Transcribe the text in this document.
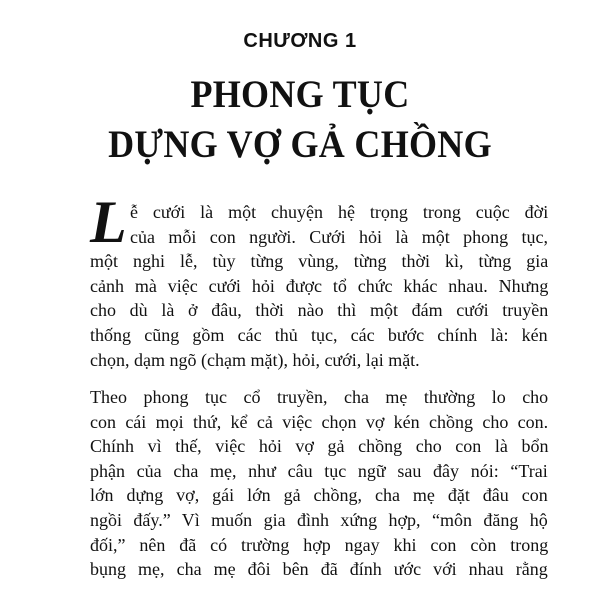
CHƯƠNG 1
PHONG TỤC
DỰNG VỢ GẢ CHỒNG
L ễ cưới là một chuyện hệ trọng trong cuộc đời
của mỗi con người. Cưới hỏi là một phong tục,
một nghi lễ, tùy từng vùng, từng thời kì, từng gia
cảnh mà việc cưới hỏi được tổ chức khác nhau. Nhưng
cho dù là ở đâu, thời nào thì một đám cưới truyền
thống cũng gồm các thủ tục, các bước chính là: kén
chọn, dạm ngõ (chạm mặt), hỏi, cưới, lại mặt.
Theo phong tục cổ truyền, cha mẹ thường lo cho
con cái mọi thứ, kể cả việc chọn vợ kén chồng cho con.
Chính vì thế, việc hỏi vợ gả chồng cho con là bổn
phận của cha mẹ, như câu tục ngữ sau đây nói: “Trai
lớn dựng vợ, gái lớn gả chồng, cha mẹ đặt đâu con
ngồi đấy.” Vì muốn gia đình xứng hợp, “môn đăng hộ
đối,” nên đã có trường hợp ngay khi con còn trong
bụng mẹ, cha mẹ đôi bên đã đính ước với nhau rằng
